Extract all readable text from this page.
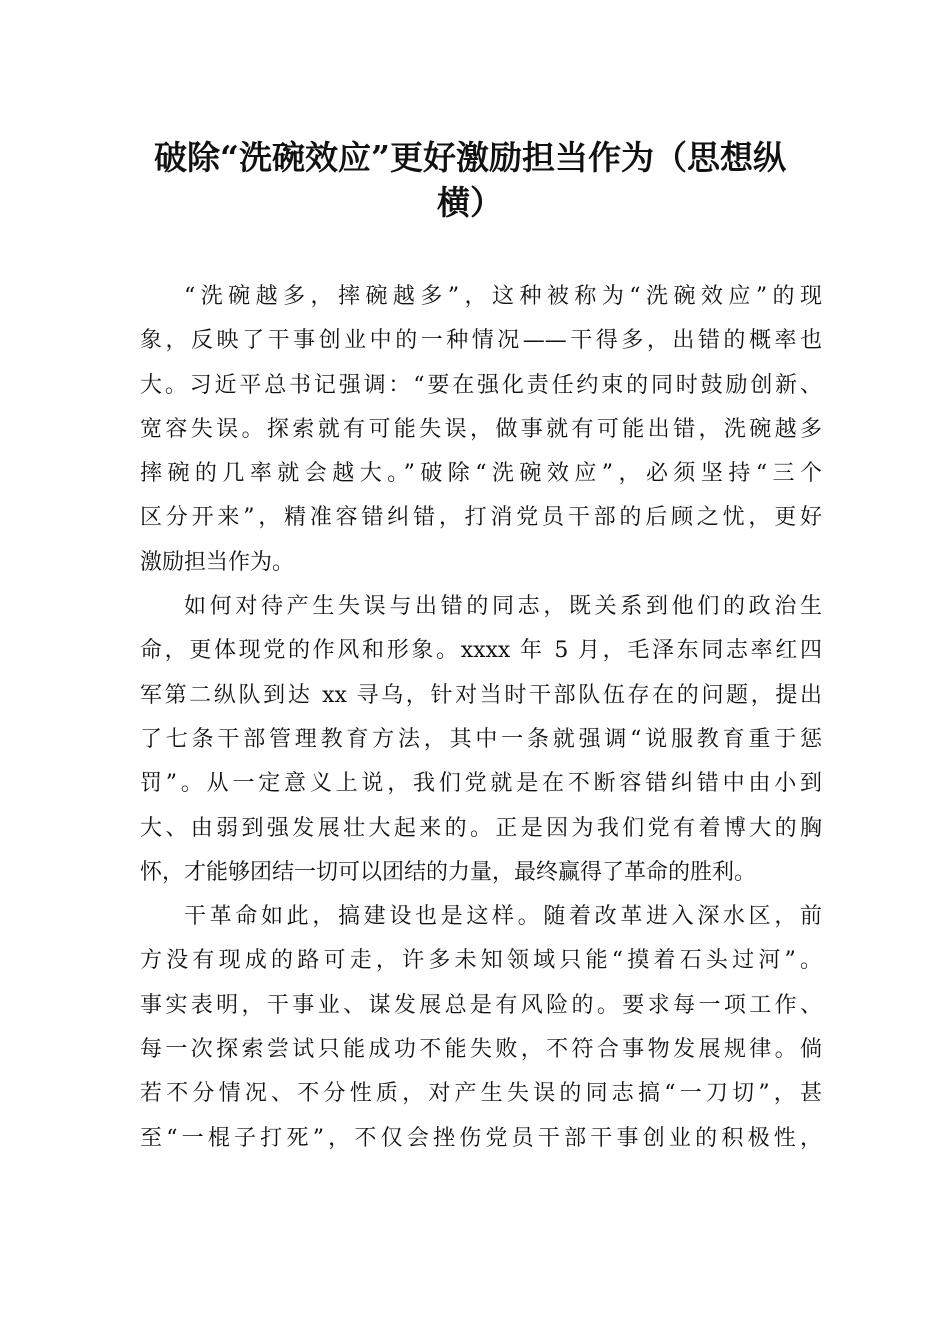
破除“洗碗效应”更好激励担当作为（思想纵
横）
“洗碗越多，摔碗越多”，这种被称为“洗碗效应”的现
象，反映了干事创业中的一种情况——干得多，出错的概率也
大。习近平总书记强调：“要在强化责任约束的同时鼓励创新、
宽容失误。探索就有可能失误，做事就有可能出错，洗碗越多
摔碗的几率就会越大。”破除“洗碗效应”，必须坚持“三个
区分开来”，精准容错纠错，打消党员干部的后顾之忧，更好
激励担当作为。
如何对待产生失误与出错的同志，既关系到他们的政治生
命，更体现党的作风和形象。xxxx 年 5 月，毛泽东同志率红四
军第二纵队到达 xx 寻乌，针对当时干部队伍存在的问题，提出
了七条干部管理教育方法，其中一条就强调“说服教育重于惩
罚”。从一定意义上说，我们党就是在不断容错纠错中由小到
大、由弱到强发展壮大起来的。正是因为我们党有着博大的胸
怀，才能够团结一切可以团结的力量，最终赢得了革命的胜利。
干革命如此，搞建设也是这样。随着改革进入深水区，前
方没有现成的路可走，许多未知领域只能“摸着石头过河”。
事实表明，干事业、谋发展总是有风险的。要求每一项工作、
每一次探索尝试只能成功不能失败，不符合事物发展规律。倘
若不分情况、不分性质，对产生失误的同志搞“一刀切”，甚
至“一棍子打死”，不仅会挫伤党员干部干事创业的积极性，
